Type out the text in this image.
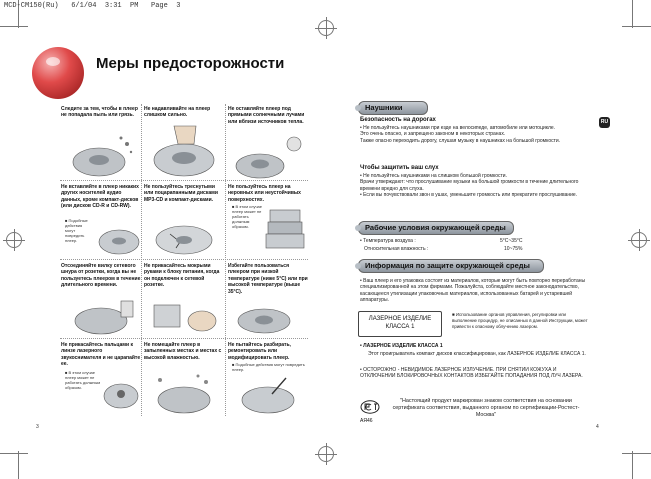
MCD-CM150(Ru)   6/1/04  3:31  PM   Page  3
Меры предосторожности
Следите за тем, чтобы в плеер не попадала пыль или грязь.
Не надавливайте на плеер слишком сильно.
Не оставляйте плеер под прямыми солнечными лучами или вблизи источников тепла.
Не вставляйте в плеер никаких других носителей аудио данных, кроме компакт-дисков (или дисков CD-R и CD-RW).
■ Подобные действия могут повредить плеер.
Не пользуйтесь треснутыми или поцарапанными дисками MP3-CD и компакт-дисками.
Не пользуйтесь плеер на неровных или неустойчивых поверхностях.
■ В этом случае плеер может не работать должным образом.
Отсоединяйте вилку сетевого шнура от розетки, когда вы не пользуетесь плеером в течение длительного времени.
Не прикасайтесь мокрыми руками к блоку питания, когда он подключен к сетевой розетке.
Избегайте пользоваться плеером при низкой температуре (ниже 5°C) или при высокой температуре (выше 35°C).
Не прикасайтесь пальцами к линзе лазерного звукоснимателя и не царапайте ее.
■ В этом случае плеер может не работать должным образом.
Не помещайте плеер в запыленных местах и местах с высокой влажностью.
Не пытайтесь разбирать, ремонтировать или модифицировать плеер.
■ Подобные действия могут повредить плеер.
RU
Наушники
Безопасность на дорогах
• Не пользуйтесь наушниками при езде на велосипеде, автомобиле или мотоцикле.
Это очень опасно, и запрещено законом в некоторых странах.
Также опасно переходить дорогу, слушая музыку в наушниках на большой громкости.
Чтобы защитить ваш слух
• Не пользуйтесь наушниками на слишком большой громкости.
Врачи утверждают: что прослушивание музыки на большой громкости в течение длительного времени вредно для слуха.
• Если вы почувствовали звон в ушах, уменьшите громкость или прекратите прослушивание.
Рабочие условия окружающей среды
• Температура воздуха :	5°C~35°C
Относительная влажность :	10~75%
Информация по защите окружающей среды
• Ваш плеер и его упаковка состоят из материалов, которые могут быть повторно переработаны специализированной на этом фирмами. Пожалуйста, соблюдайте местное законодательство, касающееся утилизации упаковочных материалов, использованных батарей и устаревшей аппаратуры.
ЛАЗЕРНОЕ ИЗДЕЛИЕ
КЛАССА 1
■ Использование органов управления, регулировки или выполнение процедур, не описанных в данной Инструкции, может привести к опасному облучению лазером.
• ЛАЗЕРНОЕ ИЗДЕЛИЕ КЛАССА 1
Этот проигрыватель компакт дисков классифицирован, как ЛАЗЕРНОЕ ИЗДЕЛИЕ КЛАССА 1.
• ОСТОРОЖНО - НЕВИДИМОЕ ЛАЗЕРНОЕ ИЗЛУЧЕНИЕ. ПРИ СНЯТИИ КОЖУХА И ОТКЛЮЧЕНИИ БЛОКИРОВОЧНЫХ КОНТАКТОВ ИЗБЕГАЙТЕ ПОПАДАНИЯ ПОД ЛУЧ ЛАЗЕРА.
АЯ46
"Настоящий продукт маркирован знаком соответствия на основании сертификата соответствия, выданного органом по сертификации-Ростест-Москва"
3	4
